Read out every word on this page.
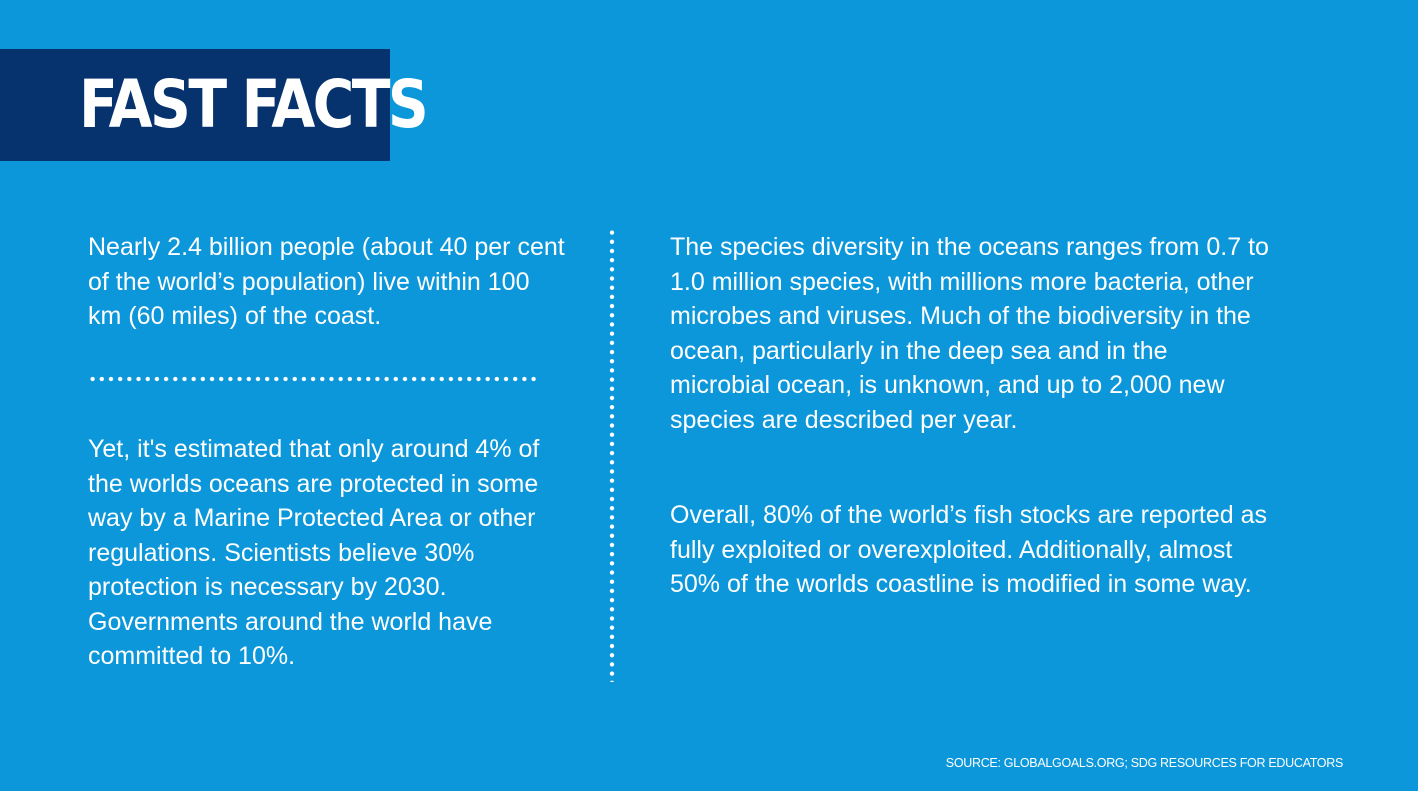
FAST FACTS

Nearly 2.4 billion people (about 40 per cent of the world’s population) live within 100 km (60 miles) of the coast.

Yet, it's estimated that only around 4% of the worlds oceans are protected in some way by a Marine Protected Area or other regulations. Scientists believe 30% protection is necessary by 2030. Governments around the world have committed to 10%.

The species diversity in the oceans ranges from 0.7 to 1.0 million species, with millions more bacteria, other microbes and viruses. Much of the biodiversity in the ocean, particularly in the deep sea and in the microbial ocean, is unknown, and up to 2,000 new species are described per year.

Overall, 80% of the world’s fish stocks are reported as fully exploited or overexploited. Additionally, almost 50% of the worlds coastline is modified in some way.

SOURCE: GLOBALGOALS.ORG; SDG RESOURCES FOR EDUCATORS
